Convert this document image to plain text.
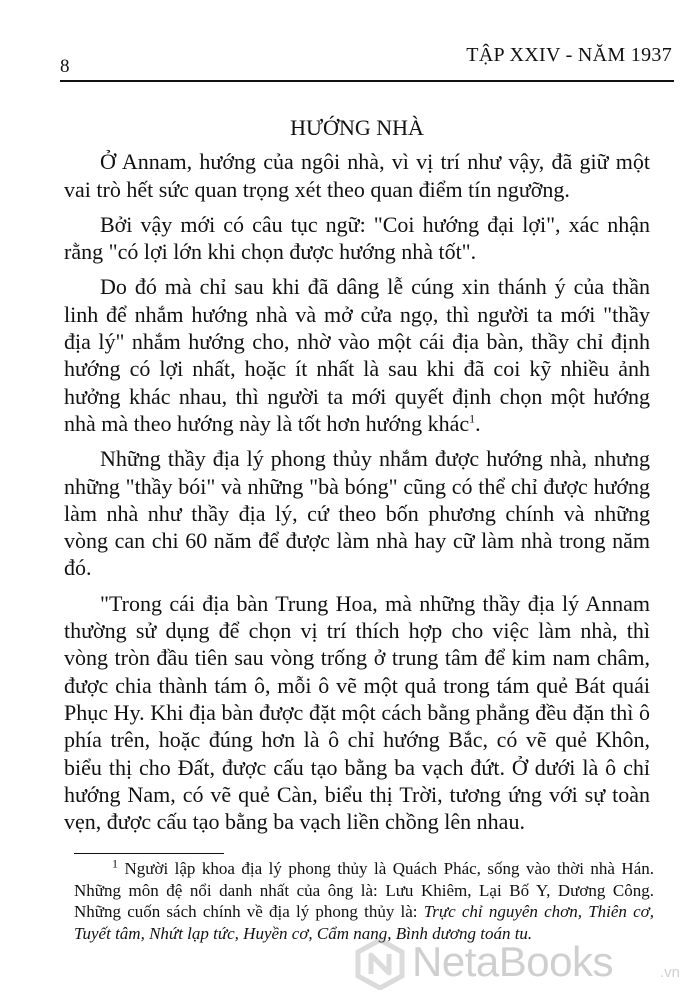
8
TẬP XXIV - NĂM 1937
HƯỚNG NHÀ

Ở Annam, hướng của ngôi nhà, vì vị trí như vậy, đã giữ một vai trò hết sức quan trọng xét theo quan điểm tín ngưỡng.

Bởi vậy mới có câu tục ngữ: "Coi hướng đại lợi", xác nhận rằng "có lợi lớn khi chọn được hướng nhà tốt".

Do đó mà chỉ sau khi đã dâng lễ cúng xin thánh ý của thần linh để nhắm hướng nhà và mở cửa ngọ, thì người ta mới "thầy địa lý" nhắm hướng cho, nhờ vào một cái địa bàn, thầy chỉ định hướng có lợi nhất, hoặc ít nhất là sau khi đã coi kỹ nhiều ảnh hưởng khác nhau, thì người ta mới quyết định chọn một hướng nhà mà theo hướng này là tốt hơn hướng khác$^1$.

Những thầy địa lý phong thủy nhắm được hướng nhà, nhưng những "thầy bói" và những "bà bóng" cũng có thể chỉ được hướng làm nhà như thầy địa lý, cứ theo bốn phương chính và những vòng can chi 60 năm để được làm nhà hay cữ làm nhà trong năm đó.

"Trong cái địa bàn Trung Hoa, mà những thầy địa lý Annam thường sử dụng để chọn vị trí thích hợp cho việc làm nhà, thì vòng tròn đầu tiên sau vòng trống ở trung tâm để kim nam châm, được chia thành tám ô, mỗi ô vẽ một quả trong tám quẻ Bát quái Phục Hy. Khi địa bàn được đặt một cách bằng phẳng đều đặn thì ô phía trên, hoặc đúng hơn là ô chỉ hướng Bắc, có vẽ quẻ Khôn, biểu thị cho Đất, được cấu tạo bằng ba vạch đứt. Ở dưới là ô chỉ hướng Nam, có vẽ quẻ Càn, biểu thị Trời, tương ứng với sự toàn vẹn, được cấu tạo bằng ba vạch liền chồng lên nhau.

$^1$ Người lập khoa địa lý phong thủy là Quách Phác, sống vào thời nhà Hán. Những môn đệ nổi danh nhất của ông là: Lưu Khiêm, Lại Bố Y, Dương Công. Những cuốn sách chính về địa lý phong thủy là: Trực chỉ nguyên chơn, Thiên cơ, Tuyết tâm, Nhứt lạp tức, Huyền cơ, Cẩm nang, Bình dương toán tu.

NetaBooks	.vn
